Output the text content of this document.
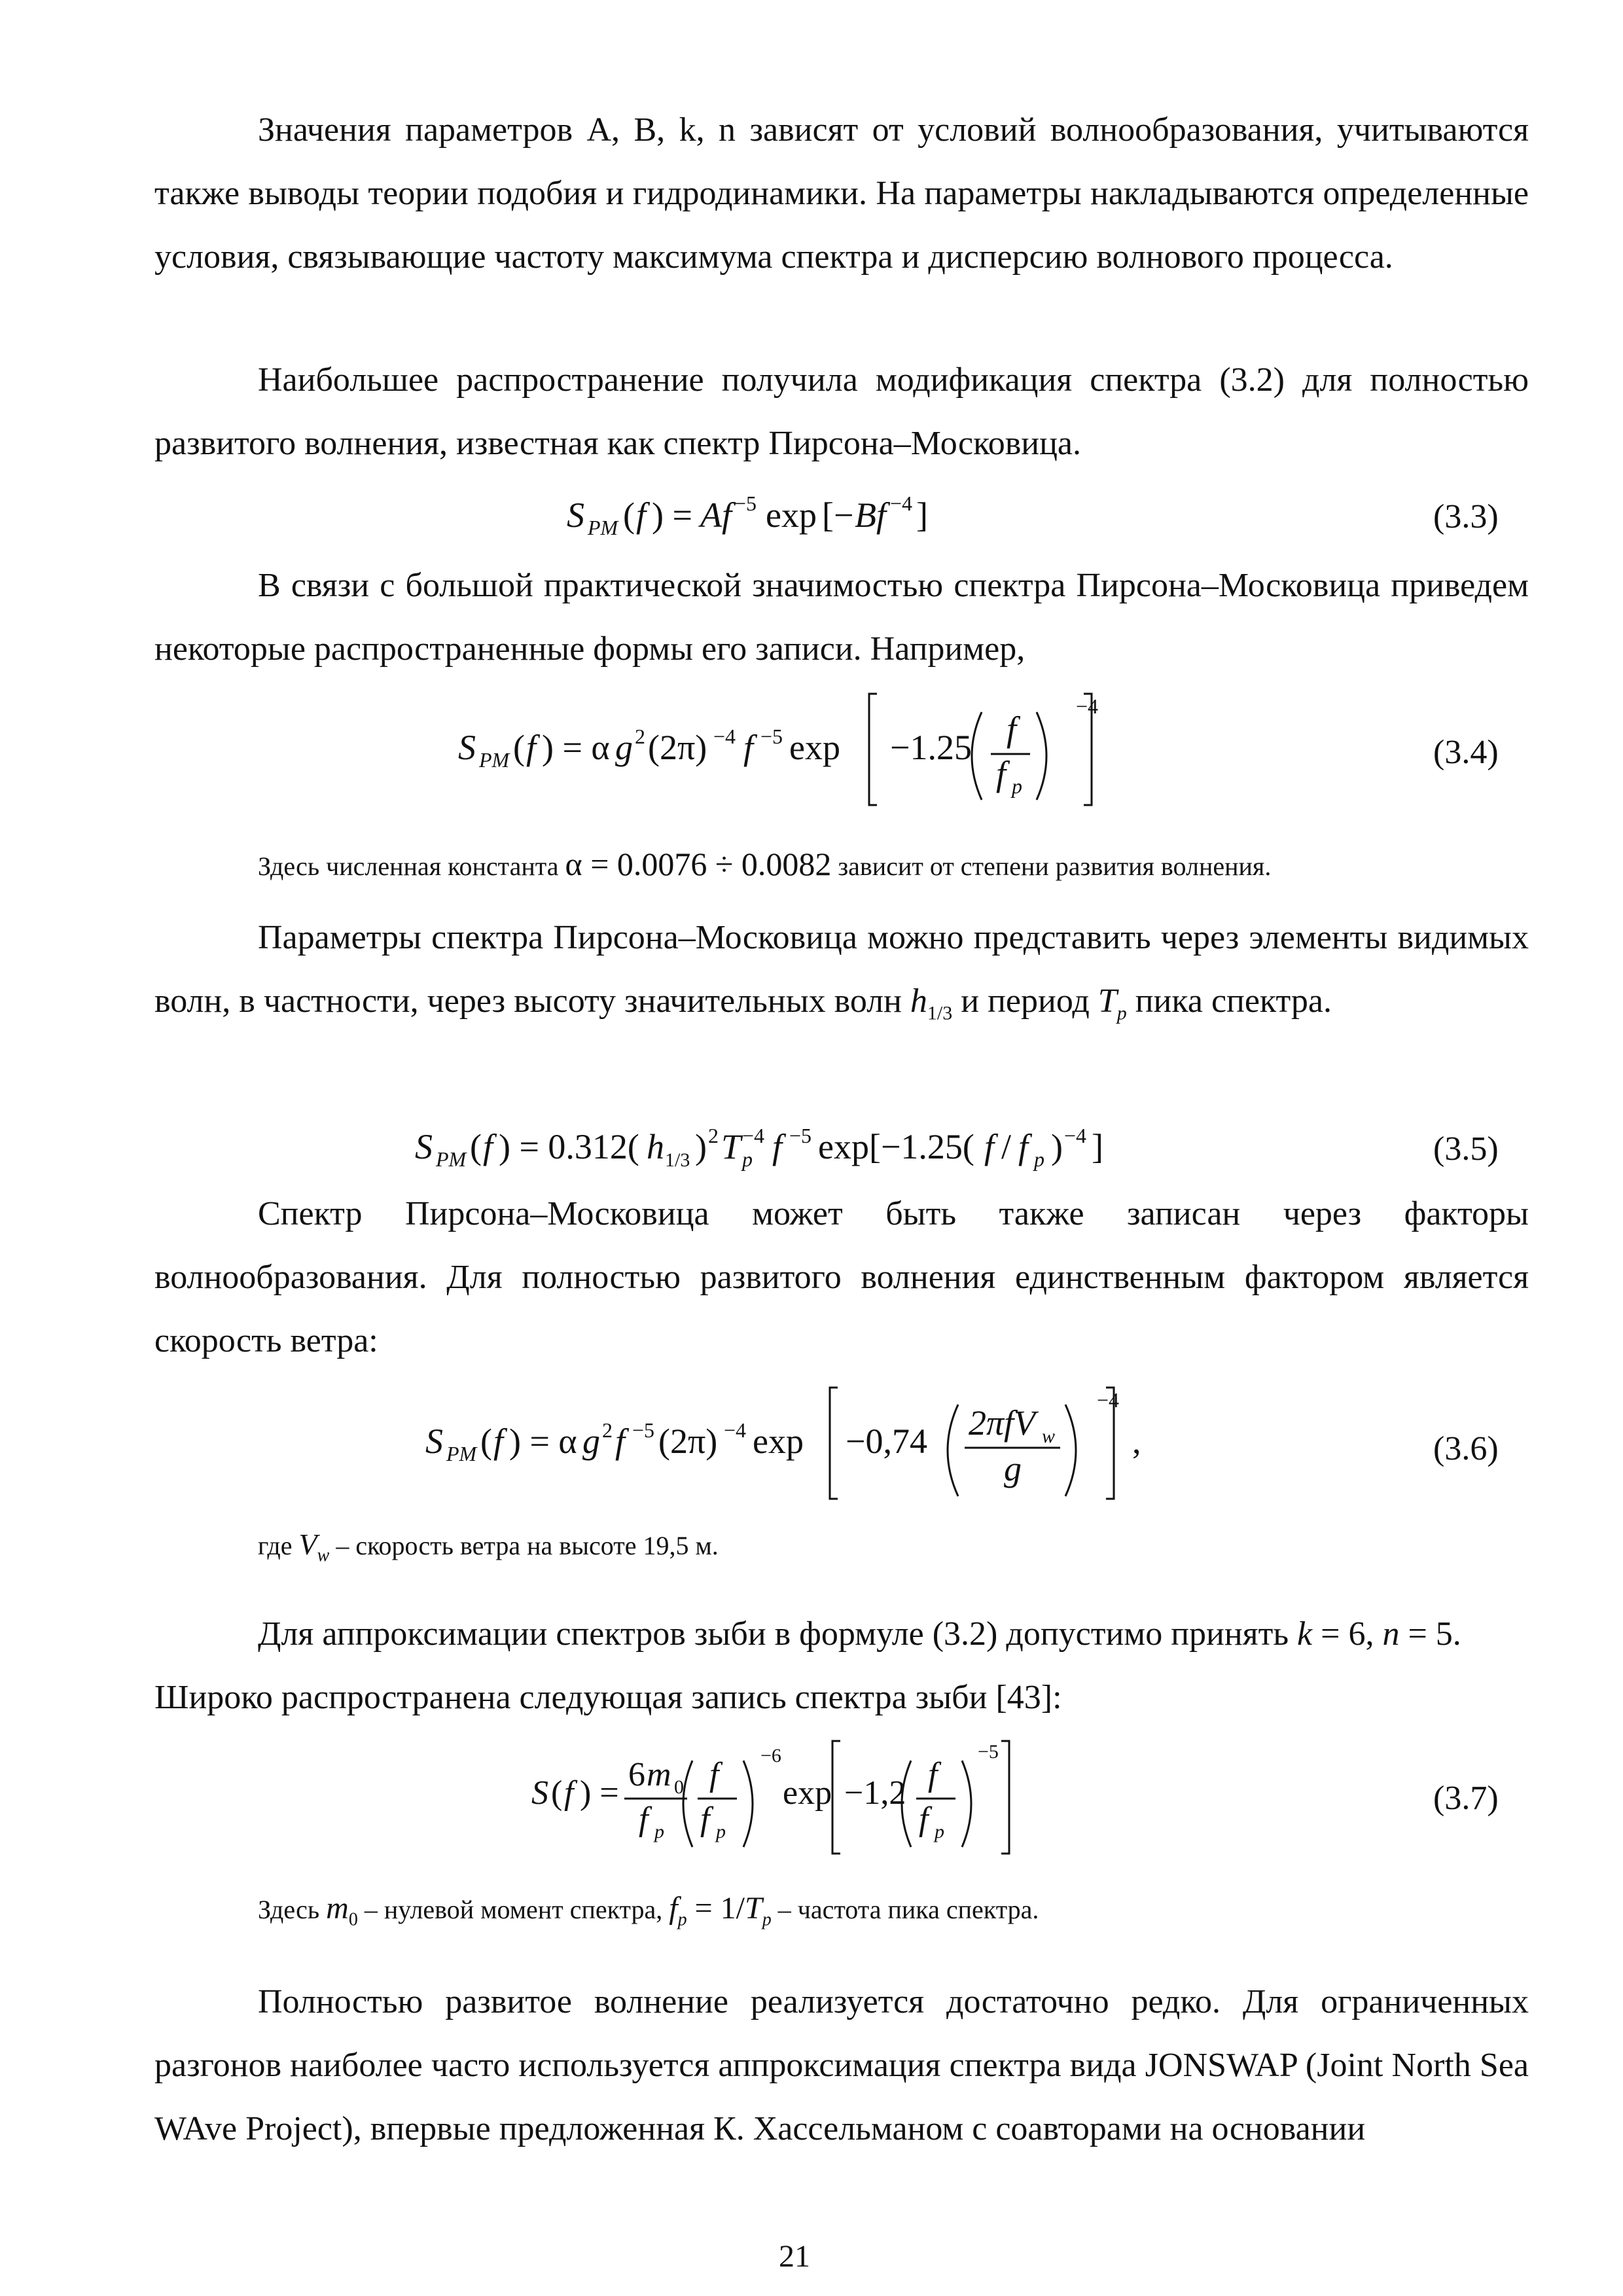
Значения параметров A, B, k, n зависят от условий волнообразования, учитываются также выводы теории подобия и гидродинамики. На параметры накладываются определенные условия, связывающие частоту максимума спектра и дисперсию волнового процесса.

Наибольшее распространение получила модификация спектра (3.2) для полностью развитого волнения, известная как спектр Пирсона–Московица.

S PM ( f ) = Af −5 exp [ − Bf −4 ]	(3.3)

В связи с большой практической значимостью спектра Пирсона–Московица приведем некоторые распространенные формы его записи. Например,

S PM ( f ) = α g 2 (2π) −4 f −5 exp −1.25 f
f p
−4
(3.4)
Здесь численная константа α = 0.0076 ÷ 0.0082 зависит от степени развития волнения.

Параметры спектра Пирсона–Московица можно представить через элементы видимых волн, в частности, через высоту значительных волн $h_{1/3}$ и период $T_p$ пика спектра.

S PM ( f ) = 0.312( h 1/3 ) 2 T p
−4 f −5 exp[−1.25( f / f p ) −4 ]	(3.5)

Спектр Пирсона–Московица может быть также записан через факторы волнообразования. Для полностью развитого волнения единственным фактором является скорость ветра:

S PM ( f ) = α g 2 f −5 (2π) −4 exp −0,74 2πfV w
g
−4
,	(3.6)
где $V_w$ – скорость ветра на высоте 19,5 м.

Для аппроксимации спектров зыби в формуле (3.2) допустимо принять k = 6, n = 5.

Широко распространена следующая запись спектра зыби [43]:

S ( f ) = 6 m 0
f p
f
f p
−6
exp −1,2 f
f p
−5
(3.7)
Здесь $m_0$ – нулевой момент спектра, $f_p = 1/T_p$ – частота пика спектра.

Полностью развитое волнение реализуется достаточно редко. Для ограниченных разгонов наиболее часто используется аппроксимация спектра вида JONSWAP (Joint North Sea WAve Project), впервые предложенная К. Хассельманом с соавторами на основании

21
